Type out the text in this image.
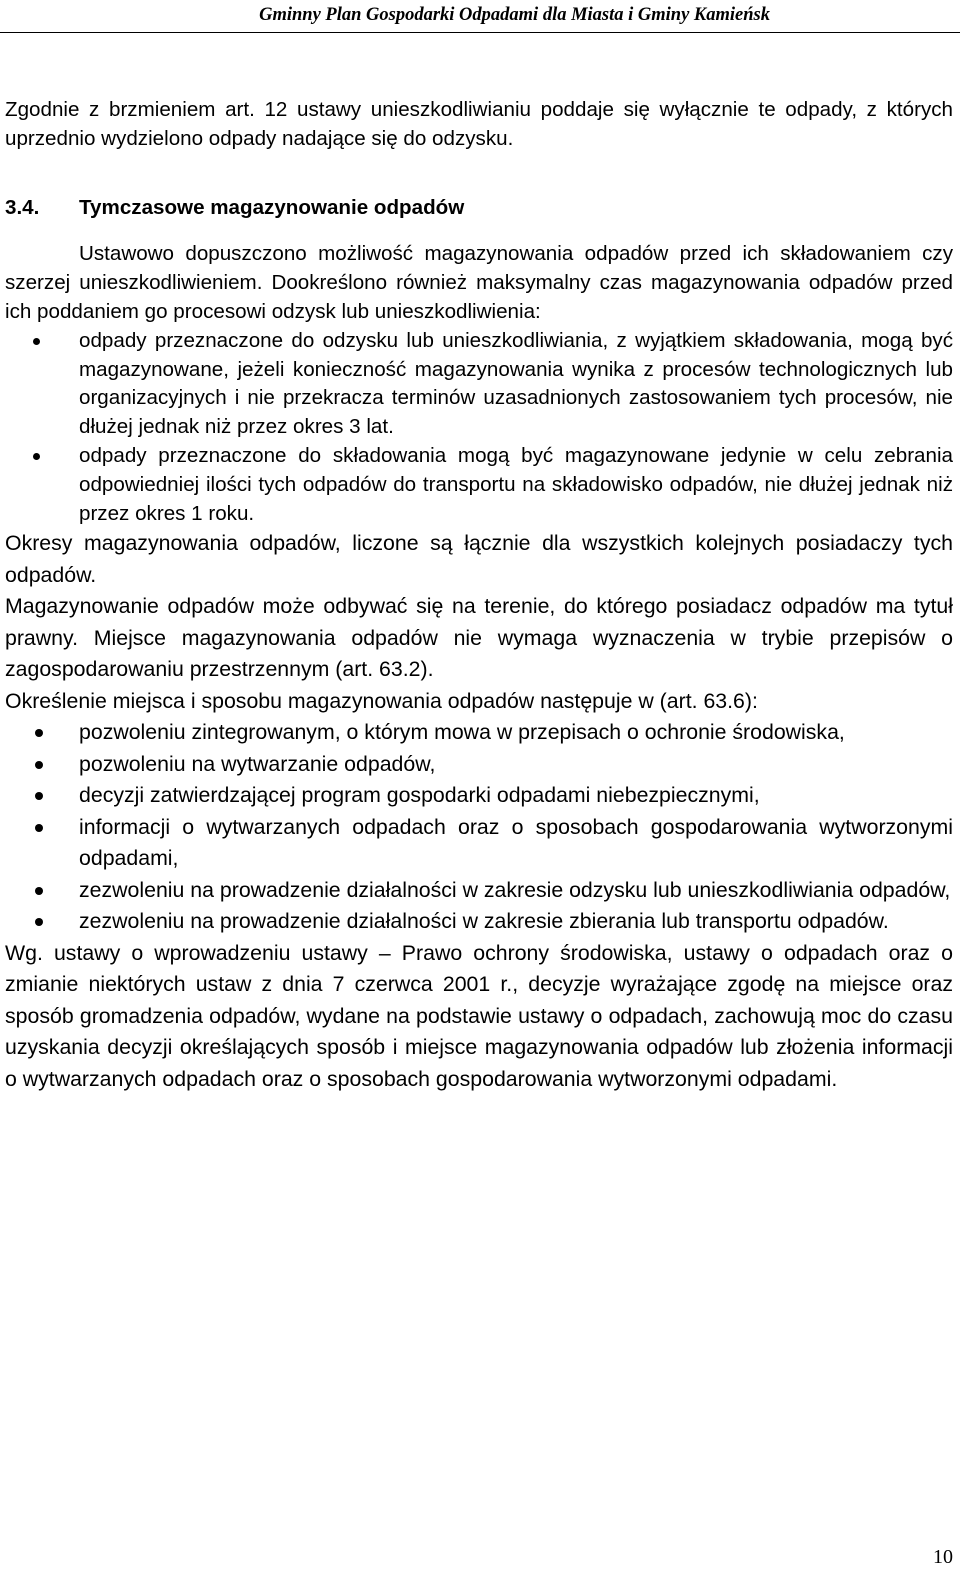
Gminny Plan Gospodarki Odpadami dla Miasta i Gminy Kamieńsk

Zgodnie z brzmieniem art. 12 ustawy unieszkodliwianiu poddaje się wyłącznie te odpady, z których uprzednio wydzielono odpady nadające się do odzysku.

3.4.	Tymczasowe magazynowanie odpadów

Ustawowo dopuszczono możliwość magazynowania odpadów przed ich składowaniem czy szerzej unieszkodliwieniem. Dookreślono również maksymalny czas magazynowania odpadów przed ich poddaniem go procesowi odzysk lub unieszkodliwienia:

odpady przeznaczone do odzysku lub unieszkodliwiania, z wyjątkiem składowania, mogą być magazynowane, jeżeli konieczność magazynowania wynika z procesów technologicznych lub organizacyjnych i nie przekracza terminów uzasadnionych zastosowaniem tych procesów, nie dłużej jednak niż przez okres 3 lat.
odpady przeznaczone do składowania mogą być magazynowane jedynie w celu zebrania odpowiedniej ilości tych odpadów do transportu na składowisko odpadów, nie dłużej jednak niż przez okres 1 roku.

Okresy magazynowania odpadów, liczone są łącznie dla wszystkich kolejnych posiadaczy tych odpadów.

Magazynowanie odpadów może odbywać się na terenie, do którego posiadacz odpadów ma tytuł prawny. Miejsce magazynowania odpadów nie wymaga wyznaczenia w trybie przepisów o zagospodarowaniu przestrzennym (art. 63.2).

Określenie miejsca i sposobu magazynowania odpadów następuje w (art. 63.6):

pozwoleniu zintegrowanym, o którym mowa w przepisach o ochronie środowiska,
pozwoleniu na wytwarzanie odpadów,
decyzji zatwierdzającej program gospodarki odpadami niebezpiecznymi,
informacji o wytwarzanych odpadach oraz o sposobach gospodarowania wytworzonymi odpadami,
zezwoleniu na prowadzenie działalności w zakresie odzysku lub unieszkodliwiania odpadów,
zezwoleniu na prowadzenie działalności w zakresie zbierania lub transportu odpadów.

Wg. ustawy o wprowadzeniu ustawy – Prawo ochrony środowiska, ustawy o odpadach oraz o zmianie niektórych ustaw z dnia 7 czerwca 2001 r., decyzje wyrażające zgodę na miejsce oraz sposób gromadzenia odpadów, wydane na podstawie ustawy o odpadach, zachowują moc do czasu uzyskania decyzji określających sposób i miejsce magazynowania odpadów lub złożenia informacji o wytwarzanych odpadach oraz o sposobach gospodarowania wytworzonymi odpadami.

10
